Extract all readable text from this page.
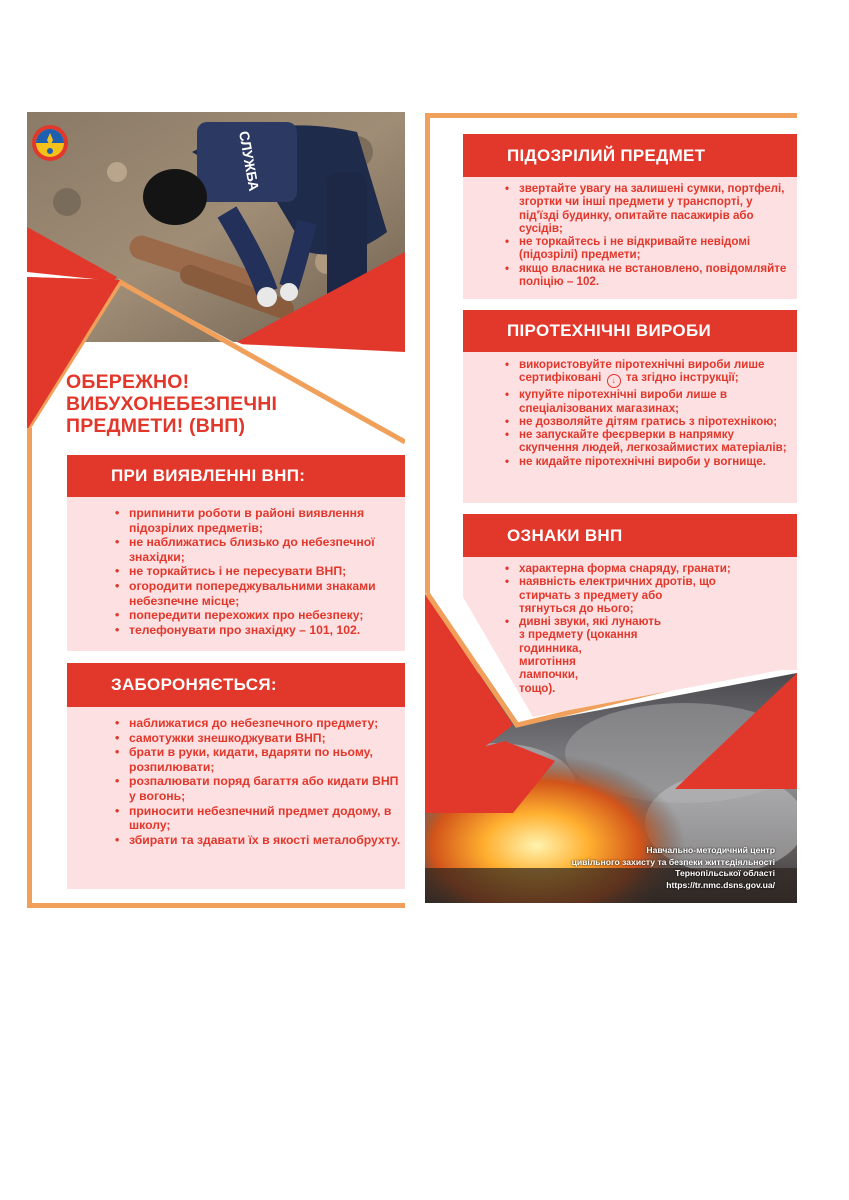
СЛУЖБА
ОБЕРЕЖНО!
ВИБУХОНЕБЕЗПЕЧНІ
ПРЕДМЕТИ! (ВНП)
ПРИ ВИЯВЛЕННІ ВНП:
• припинити роботи в районі виявлення підозрілих предметів;
• не наближатись близько до небезпечної знахідки;
• не торкайтись і не пересувати ВНП;
• огородити попереджувальними знаками небезпечне місце;
• попередити перехожих про небезпеку;
• телефонувати про знахідку – 101, 102.
ЗАБОРОНЯЄТЬСЯ:
• наближатися до небезпечного предмету;
• самотужки знешкоджувати ВНП;
• брати в руки, кидати, вдаряти по ньому, розпилювати;
• розпалювати поряд багаття або кидати ВНП у вогонь;
• приносити небезпечний предмет додому, в школу;
• збирати та здавати їх в якості металобрухту.
ПІДОЗРІЛИЙ ПРЕДМЕТ
• звертайте увагу на залишені сумки, портфелі, згортки чи інші предмети у транспорті, у під'їзді будинку, опитайте пасажирів або сусідів;
• не торкайтесь і не відкривайте невідомі (підозрілі) предмети;
• якщо власника не встановлено, повідомляйте поліцію – 102.
ПІРОТЕХНІЧНІ ВИРОБИ
• використовуйте піротехнічні вироби лише сертифіковані ↓ та згідно інструкції;
• купуйте піротехнічні вироби лише в спеціалізованих магазинах;
• не дозволяйте дітям гратись з піротехнікою;
• не запускайте феєрверки в напрямку скупчення людей, легкозаймистих матеріалів;
• не кидайте піротехнічні вироби у вогнище.
ОЗНАКИ ВНП
• характерна форма снаряду, гранати;
• наявність електричних дротів, що
стирчать з предмету або
тягнуться до нього;
• дивні звуки, які лунають
з предмету (цокання
годинника,
миготіння
лампочки,
тощо).
Навчально-методичний центр
цивільного захисту та безпеки життєдіяльності
Тернопільської області
https://tr.nmc.dsns.gov.ua/
